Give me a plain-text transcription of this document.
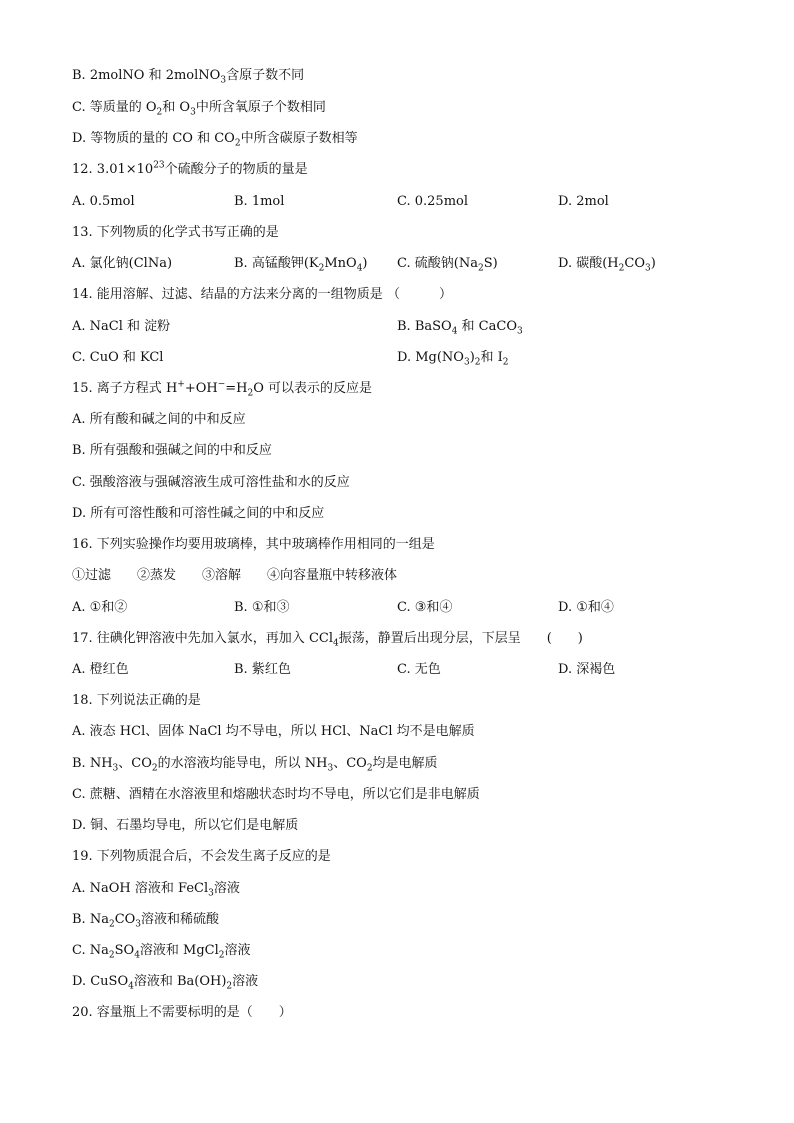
B. 2molNO 和 2molNO$_3$含原子数不同
C. 等质量的 $O_2$和 $O_3$中所含氧原子个数相同
D. 等物质的量的 CO 和 $CO_2$中所含碳原子数相等
12. $3.01\times 10^{23}$个硫酸分子的物质的量是
A. 0.5mol	B. 1mol	C. 0.25mol	D. 2mol
13. 下列物质的化学式书写正确的是
A. 氯化钠(ClNa)	B. 高锰酸钾$(K_2MnO_4)$ C. 硫酸钠$(Na_2S)$	D. 碳酸$(H_2CO_3)$
14. 能用溶解、过滤、结晶的方法来分离的一组物质是 （　　　）
A. NaCl 和 淀粉	B. BaSO$_4$ 和 CaCO$_3$
C. CuO 和 KCl	D. $Mg(NO_3)_2$和 $I_2$
15. 离子方程式 $H^++OH^-=H_2O$ 可以表示的反应是
A. 所有酸和碱之间的中和反应
B. 所有强酸和强碱之间的中和反应
C. 强酸溶液与强碱溶液生成可溶性盐和水的反应
D. 所有可溶性酸和可溶性碱之间的中和反应
16. 下列实验操作均要用玻璃棒，其中玻璃棒作用相同的一组是
①过滤　　②蒸发　　③溶解　　④向容量瓶中转移液体
A. ①和②	B. ①和③	C. ③和④	D. ①和④
17. 往碘化钾溶液中先加入氯水，再加入 CCl$_4$振荡，静置后出现分层，下层呈　　(　　)
A. 橙红色	B. 紫红色	C. 无色	D. 深褐色
18. 下列说法正确的是
A. 液态 HCl、固体 NaCl 均不导电，所以 HCl、NaCl 均不是电解质
B. $NH_3$、$CO_2$的水溶液均能导电，所以 $NH_3$、$CO_2$均是电解质
C. 蔗糖、酒精在水溶液里和熔融状态时均不导电，所以它们是非电解质
D. 铜、石墨均导电，所以它们是电解质
19. 下列物质混合后，不会发生离子反应的是
A. NaOH 溶液和 FeCl$_3$溶液
B. $Na_2CO_3$溶液和稀硫酸
C. $Na_2SO_4$溶液和 MgCl$_2$溶液
D. CuSO$_4$溶液和 $Ba(OH)_2$溶液
20. 容量瓶上不需要标明的是（　　）
